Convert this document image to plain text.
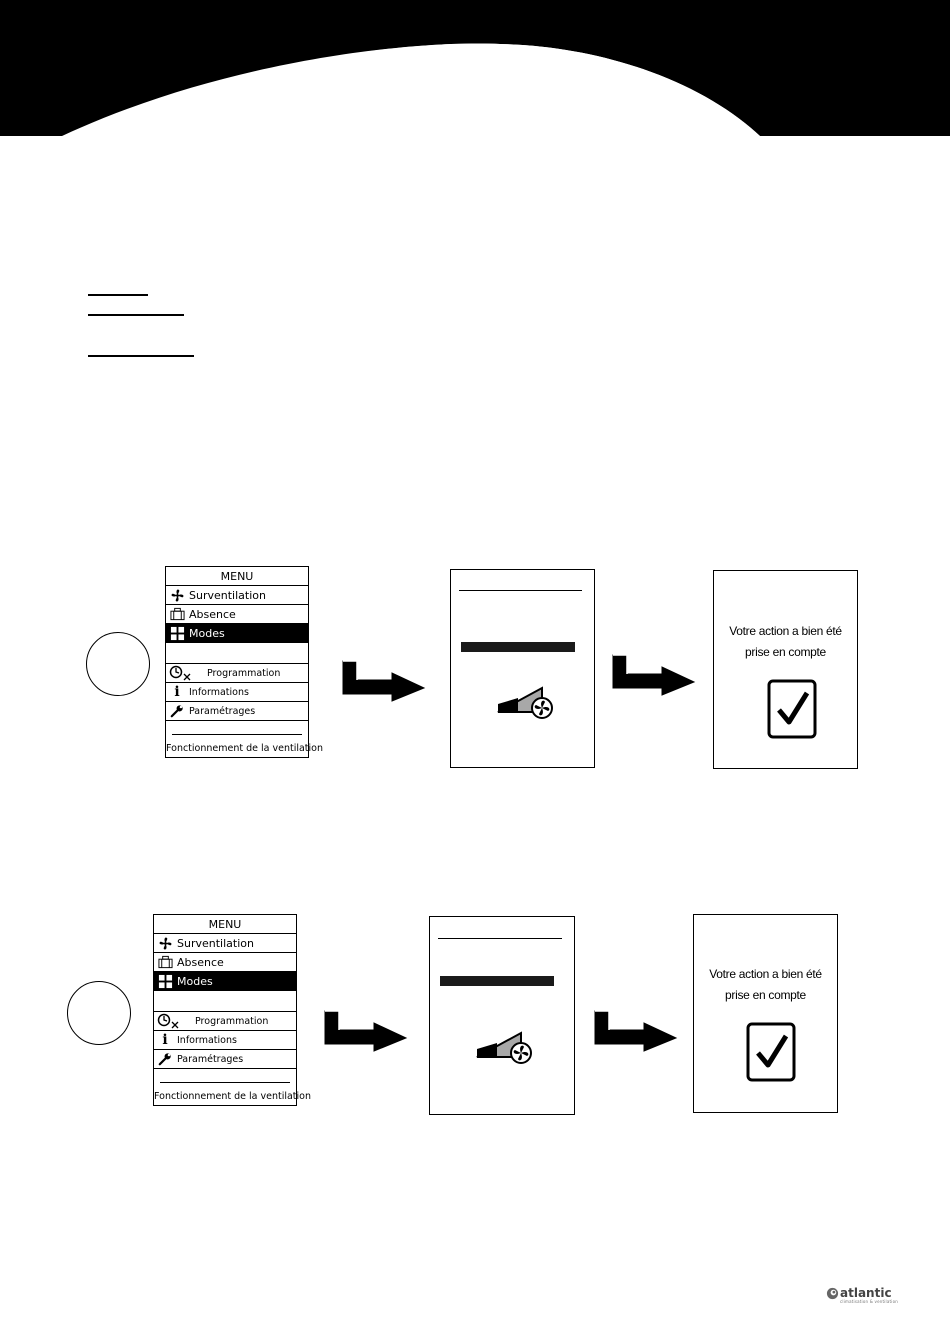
MENU
Surventilation
Absence
Modes
Programmation
i Informations
Paramétrages
Fonctionnement de la ventilation
Votre action a bien été
prise en compte
MENU
Surventilation
Absence
Modes
Programmation
i Informations
Paramétrages
Fonctionnement de la ventilation
Votre action a bien été
prise en compte
atlantic
climatisation & ventilation
